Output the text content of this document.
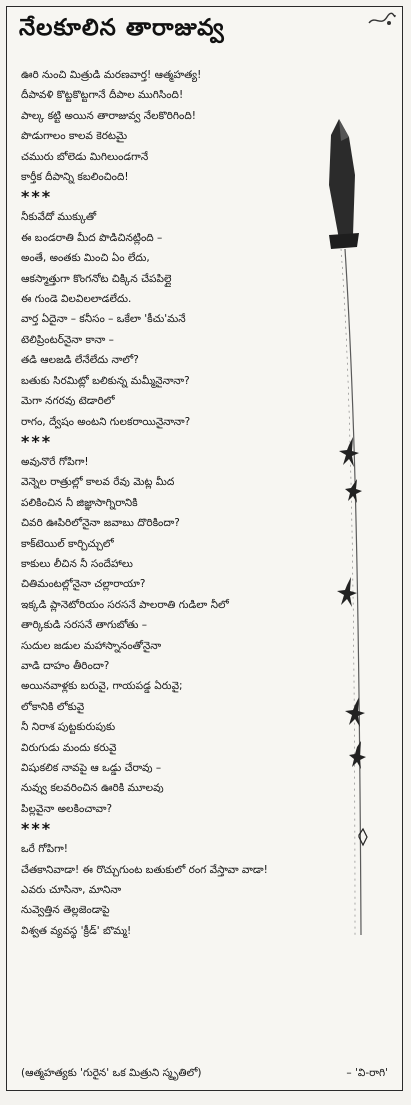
నేలకూలిన తారాజువ్వ
ఊరి నుంచి మిత్రుడి మరణవార్త! ఆత్మహత్య!
దీపావళి కొట్టకొట్టగానే దీపాల ముగిసింది!
పాల్క కట్టి అయిన తారాజువ్వ నేలకొరిగింది!
పొడుగాలం కాలవ కెరటమై
చమురు బోలెడు మిగిలుండగానే
కార్తీక దీపాన్ని కబలించింది!
***
నీకువేదో ముక్కుతో
ఈ బండరాతి మీద పొడిచినట్లింది –
అంతే, అంతకు మించి ఏం లేదు,
ఆకస్మాత్తుగా కొంగనోట చిక్కిన చేపపిల్లై
ఈ గుండె విలవిలలాడలేదు.
వార్త ఏదైనా – కనీసం – ఒకేలా 'కీచు'మనే
టెలిప్రింటర్‌నైనా కానా –
తడి ఆలజడి లేనేలేదు నాలో?
బతుకు సిరమిట్లో బలికున్న మమ్మీనైనానా?
మెగా నగరవు టెడారిలో
రాగం, ద్వేషం అంటని గులకరాయినైనానా?
***
అవునొరే గోపిగా!
వెన్నెల రాత్రుల్లో కాలవ రేవు మెట్ల మీద
పలికించిన నీ జిజ్ఞాసాగ్నిరానికి
చివరి ఊపిరిలోనైనా జవాబు దొరికిందా?
కాక్‌టెయిల్ కార్చిచ్చులో
కాకులు లీచిన నీ సందేహాలు
చితిమంటల్లోనైనా చల్లారాయా?
ఇక్కడి ప్లానెటోరియం సరసనే పాలరాతి గుడిలా నీలో
తార్కికుడి సరసనే తాగుబోతు –
సుదుల జడుల మహాస్నానంతోనైనా
వాడి దాహం తీరిందా?
అయినవాళ్లకు బరువై, గాయపడ్డ ఏరువై;
లోకానికి లోకువై
నీ నిరాశ పుట్టకురుపుకు
విరుగుడు మందు కరువై
విషుకలిక నావపై ఆ ఒడ్డు చేరావు –
నువ్వు కలవరించిన ఊరికి మూలవు
పిల్లవైనా అలకించావా?
***
ఒరే గోపిగా!
చేతకానివాడా! ఈ రొచ్చుగుంట బతుకులో రంగ వేస్తావా వాడా!
ఎవరు చూసినా, మానినా
నువ్వెత్తిన తెల్లజెండాపై
విశ్వత వ్యవస్థ 'క్రీడ్' బొమ్మ!
(ఆత్మహత్యకు 'గురైన' ఒక మిత్రుని స్మృతిలో)	– 'వి-రాగి'
